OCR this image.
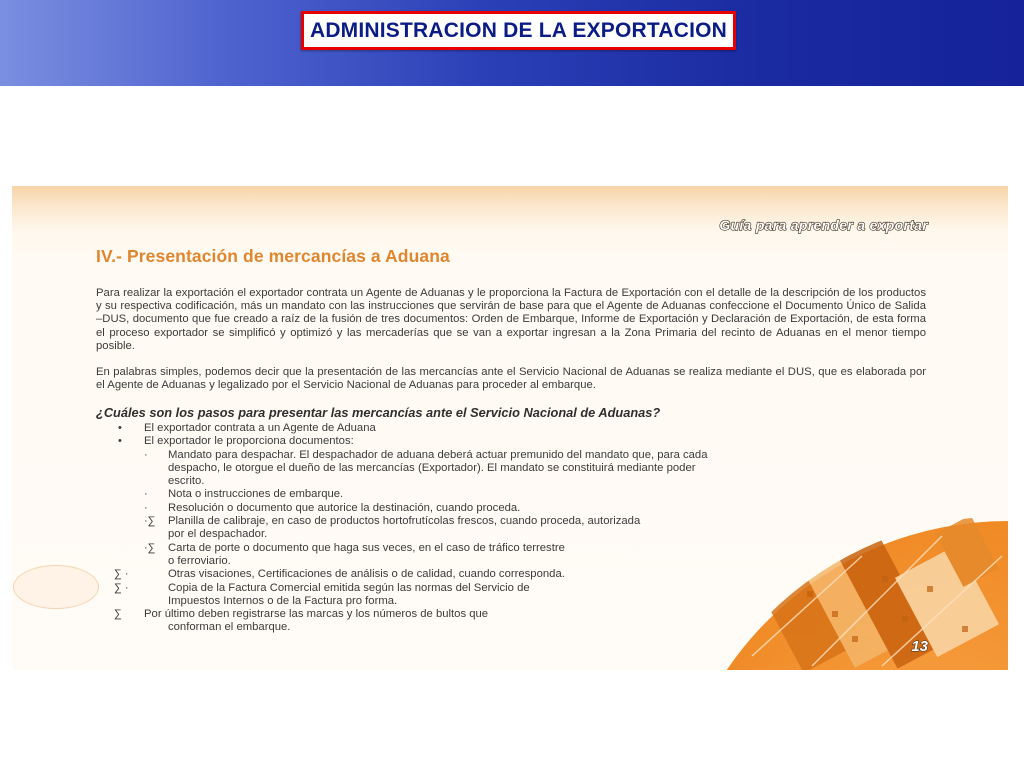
ADMINISTRACION DE LA EXPORTACION
Guía para aprender a exportar
IV.- Presentación de mercancías a Aduana
Para realizar la exportación el exportador contrata un Agente de Aduanas y le proporciona la Factura de Exportación con el detalle de la descripción de los productos y su respectiva codificación, más un mandato con las instrucciones que servirán de base para que el Agente de Aduanas confeccione el Documento Único de Salida –DUS, documento que fue creado a raíz de la fusión de tres documentos: Orden de Embarque, Informe de Exportación y Declaración de Exportación, de esta forma el proceso exportador se simplificó y optimizó y las mercaderías que se van a exportar ingresan a la Zona Primaria del recinto de Aduanas en el menor tiempo posible.
En palabras simples, podemos decir que la presentación de las mercancías ante el Servicio Nacional de Aduanas se realiza mediante el DUS, que es elaborada por el Agente de Aduanas y legalizado por el Servicio Nacional de Aduanas para proceder al embarque.
¿Cuáles son los pasos para presentar las mercancías ante el Servicio Nacional de Aduanas?
•	El exportador contrata a un Agente de Aduana
•	El exportador le proporciona documentos:
·	Mandato para despachar. El despachador de aduana deberá actuar premunido del mandato que, para cada
despacho, le otorgue el dueño de las mercancías (Exportador). El mandato se constituirá mediante poder
escrito.
·	Nota o instrucciones de embarque.
·	Resolución o documento que autorice la destinación, cuando proceda.
·∑	Planilla de calibraje, en caso de productos hortofrutícolas frescos, cuando proceda, autorizada
por el despachador.
·∑	Carta de porte o documento que haga sus veces, en el caso de tráfico terrestre
o ferroviario.
∑ ·	Otras visaciones, Certificaciones de análisis o de calidad, cuando corresponda.
∑ ·	Copia de la Factura Comercial emitida según las normas del Servicio de
Impuestos Internos o de la Factura pro forma.
∑	Por último deben registrarse las marcas y los números de bultos que
conforman el embarque.
13
